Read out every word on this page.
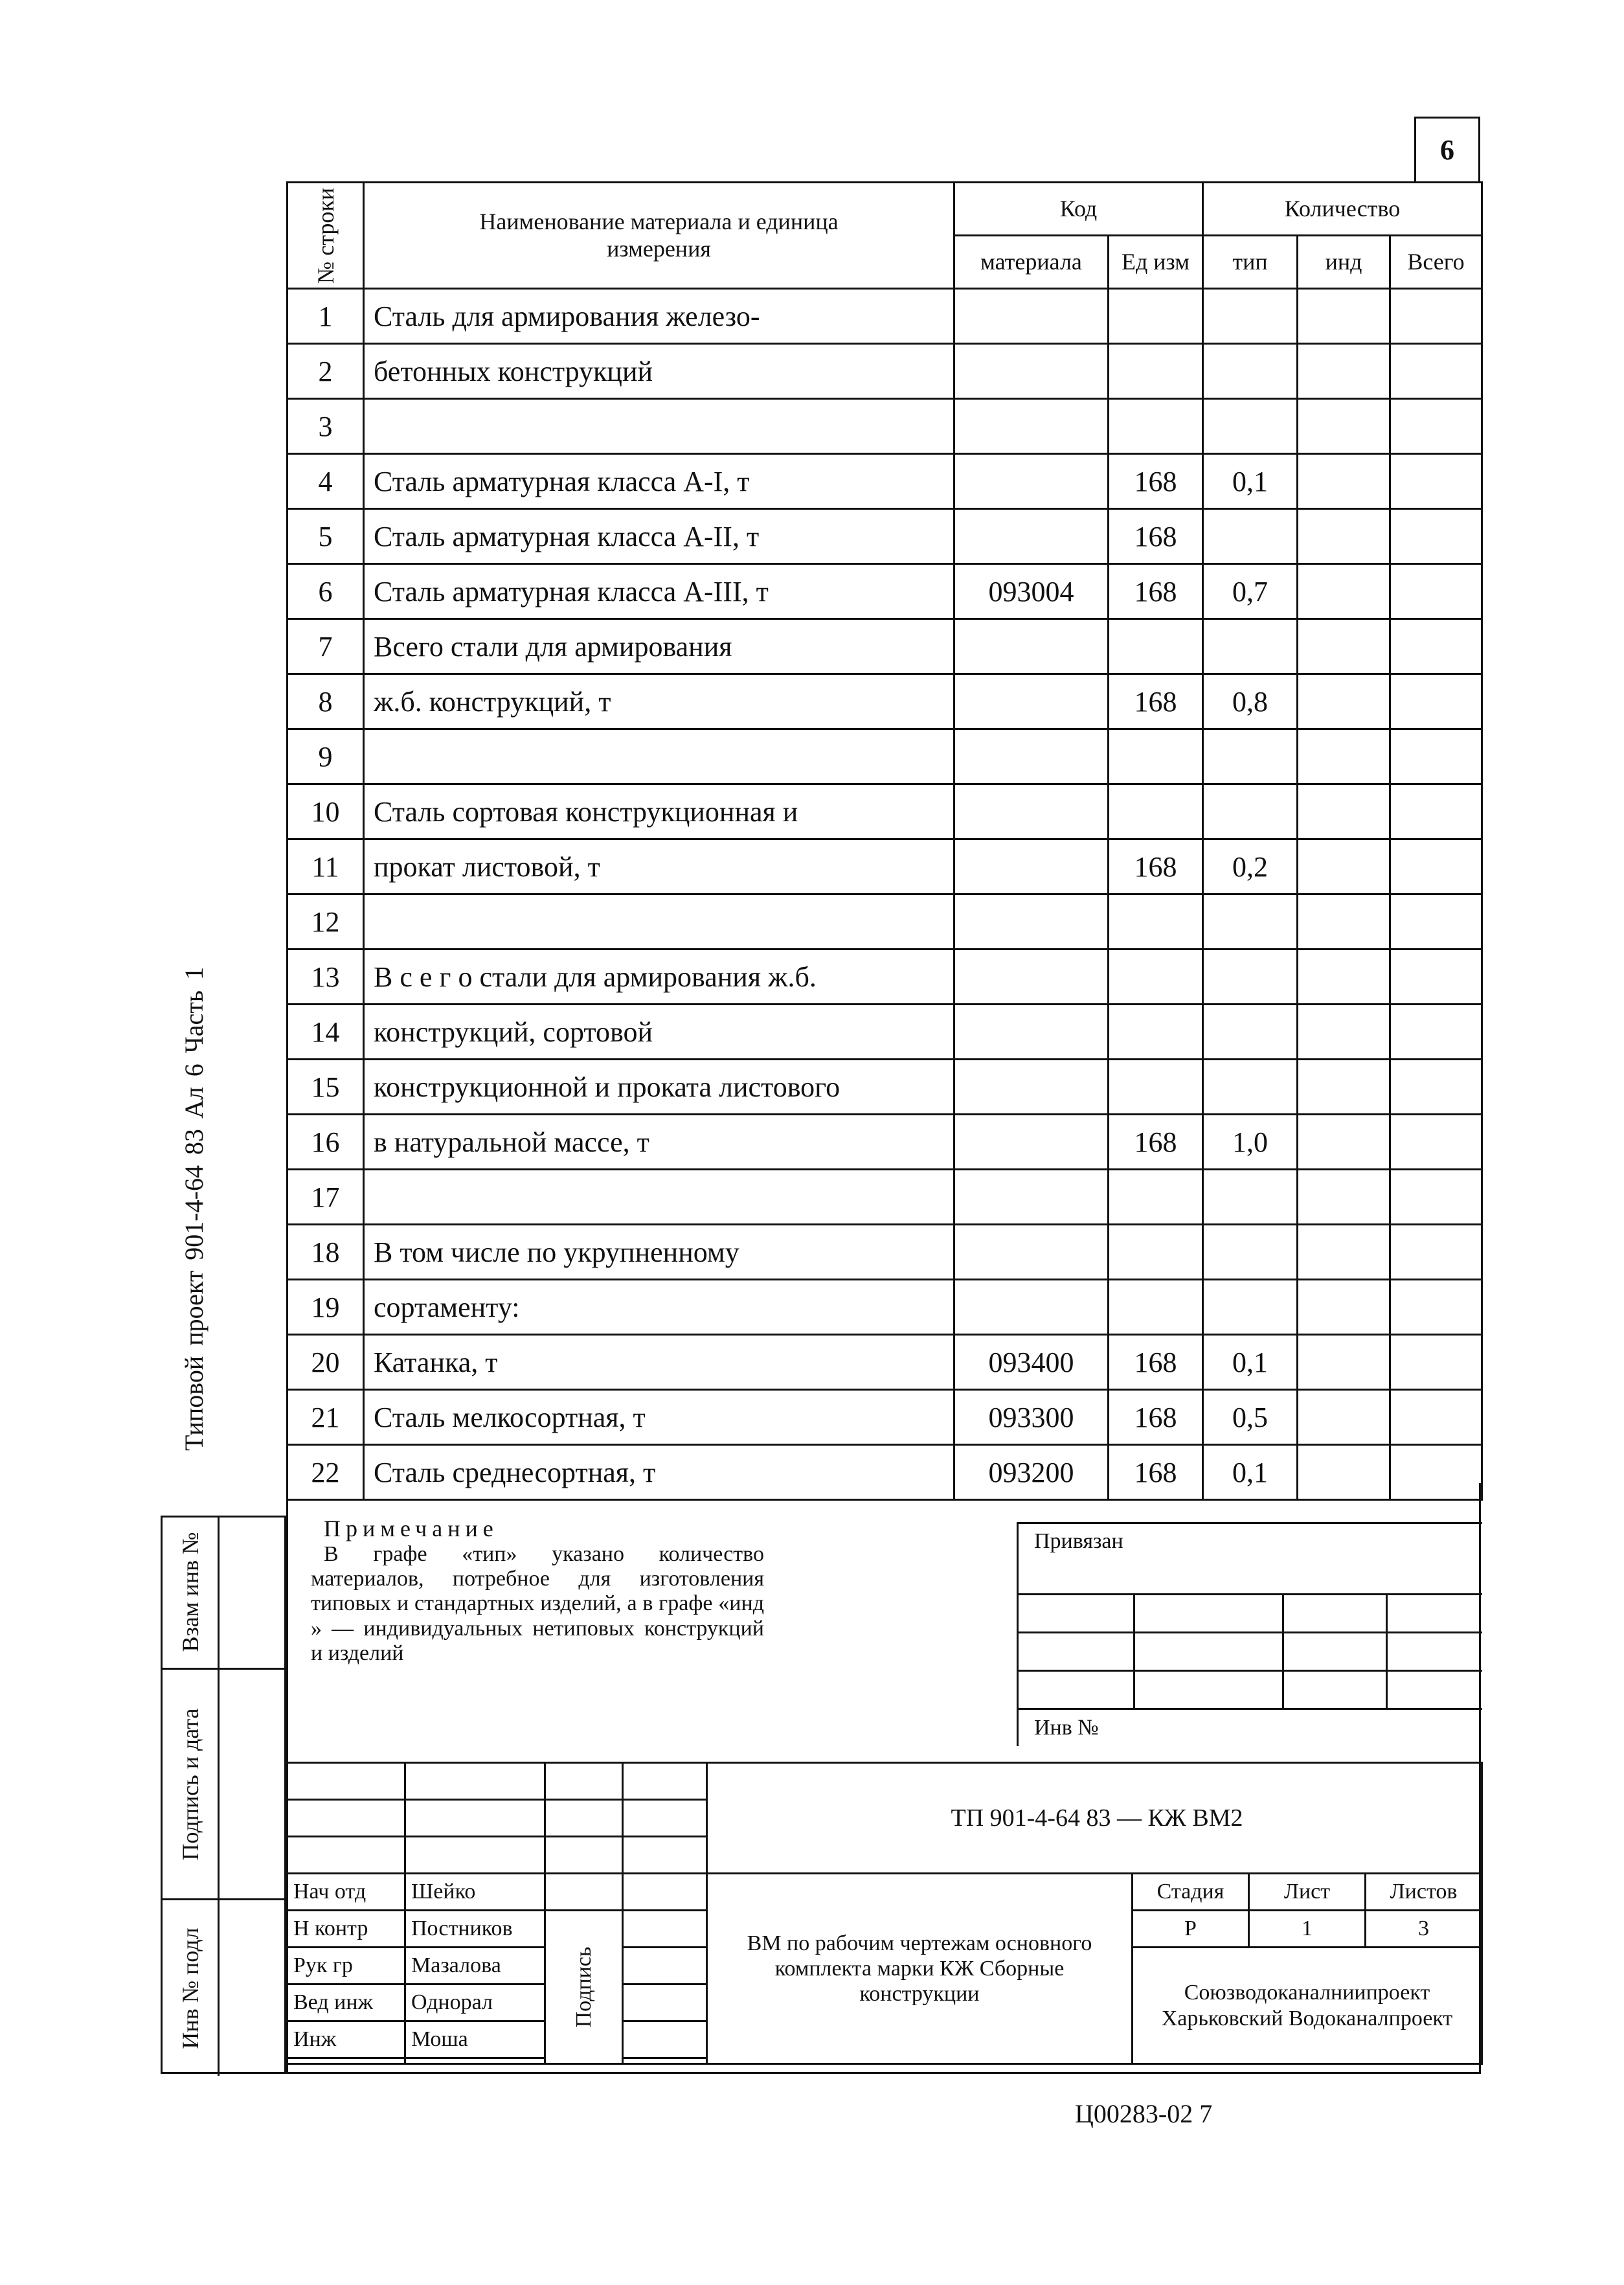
6
Типовой проект 901-4-64 83 Ал 6 Часть 1
№ строки	Наименование материала и единица измерения	Код		Количество		
		материала	Ед изм	тип	инд	Всего
1	Сталь для армирования железо-					
2	бетонных конструкций					
3						
4	Сталь арматурная класса А-I, т		168	0,1		
5	Сталь арматурная класса А-II, т		168			
6	Сталь арматурная класса А-III, т	093004	168	0,7		
7	Всего стали для армирования					
8	ж.б. конструкций, т		168	0,8		
9						
10	Сталь сортовая конструкционная и					
11	прокат листовой, т		168	0,2		
12						
13	В с е г о стали для армирования ж.б.					
14	конструкций, сортовой					
15	конструкционной и проката листового					
16	в натуральной массе, т		168	1,0		
17						
18	В том числе по укрупненному					
19	сортаменту:					
20	Катанка, т	093400	168	0,1		
21	Сталь мелкосортная, т	093300	168	0,5		
22	Сталь среднесортная, т	093200	168	0,1		
Взам инв №
Подпись и дата
Инв № подл
Примечание
В графе «тип» указано количество материалов, потребное для изготовления типовых и стандартных изделий, а в графе «инд » — индивидуальных нетиповых конструкций и изделий
Привязан			

Инв №			
				ТП 901-4-64 83 — КЖ ВМ2			

Нач отд	Шейко			ВМ по рабочим чертежам основного комплекта марки КЖ Сборные конструкции	Стадия	Лист	Листов
Н контр	Постников	Подпись			Р	1	3
Рук гр	Мазалова				Союзводоканалниипроект Харьковский Водоканалпроект		
Вед инж	Однорал						
Инж	Моша						

Ц00283-02 7
